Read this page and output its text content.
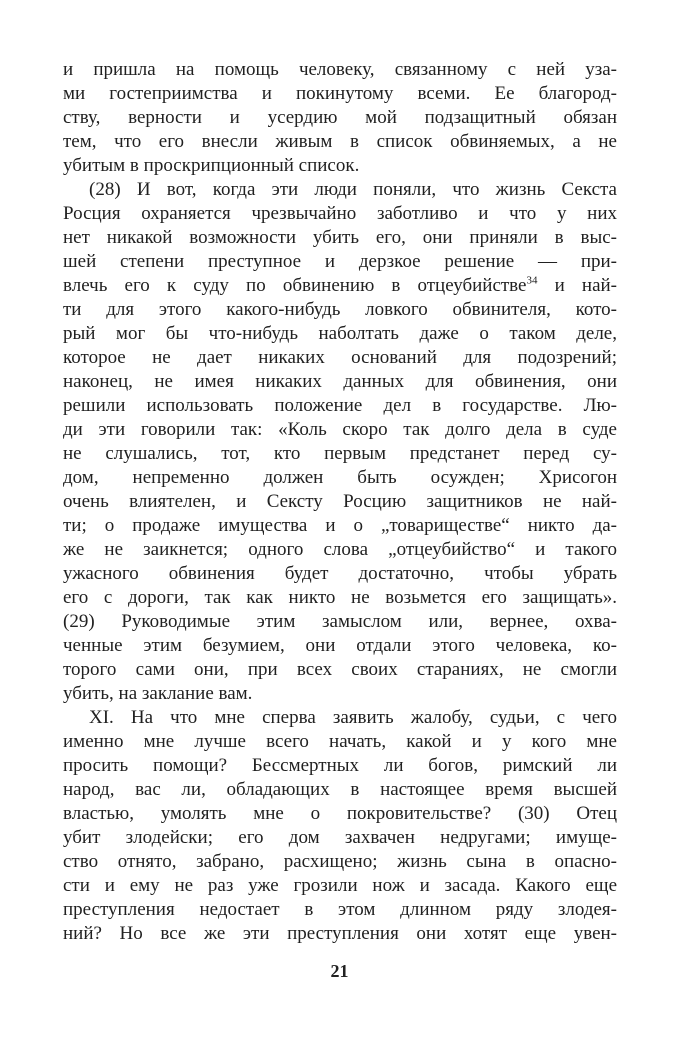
и пришла на помощь человеку, связанному с ней уза-
ми гостеприимства и покинутому всеми. Ее благород-
ству, верности и усердию мой подзащитный обязан
тем, что его внесли живым в список обвиняемых, а не
убитым в проскрипционный список.
(28) И вот, когда эти люди поняли, что жизнь Секста
Росция охраняется чрезвычайно заботливо и что у них
нет никакой возможности убить его, они приняли в выс-
шей степени преступное и дерзкое решение — при-
влечь его к суду по обвинению в отцеубийстве$^{34}$ и най-
ти для этого какого-нибудь ловкого обвинителя, кото-
рый мог бы что-нибудь наболтать даже о таком деле,
которое не дает никаких оснований для подозрений;
наконец, не имея никаких данных для обвинения, они
решили использовать положение дел в государстве. Лю-
ди эти говорили так: «Коль скоро так долго дела в суде
не слушались, тот, кто первым предстанет перед су-
дом, непременно должен быть осужден; Хрисогон
очень влиятелен, и Сексту Росцию защитников не най-
ти; о продаже имущества и о „товариществе“ никто да-
же не заикнется; одного слова „отцеубийство“ и такого
ужасного обвинения будет достаточно, чтобы убрать
его с дороги, так как никто не возьмется его защищать».
(29) Руководимые этим замыслом или, вернее, охва-
ченные этим безумием, они отдали этого человека, ко-
торого сами они, при всех своих стараниях, не смогли
убить, на заклание вам.
XI. На что мне сперва заявить жалобу, судьи, с чего
именно мне лучше всего начать, какой и у кого мне
просить помощи? Бессмертных ли богов, римский ли
народ, вас ли, обладающих в настоящее время высшей
властью, умолять мне о покровительстве? (30) Отец
убит злодейски; его дом захвачен недругами; имуще-
ство отнято, забрано, расхищено; жизнь сына в опасно-
сти и ему не раз уже грозили нож и засада. Какого еще
преступления недостает в этом длинном ряду злодея-
ний? Но все же эти преступления они хотят еще увен-
21
